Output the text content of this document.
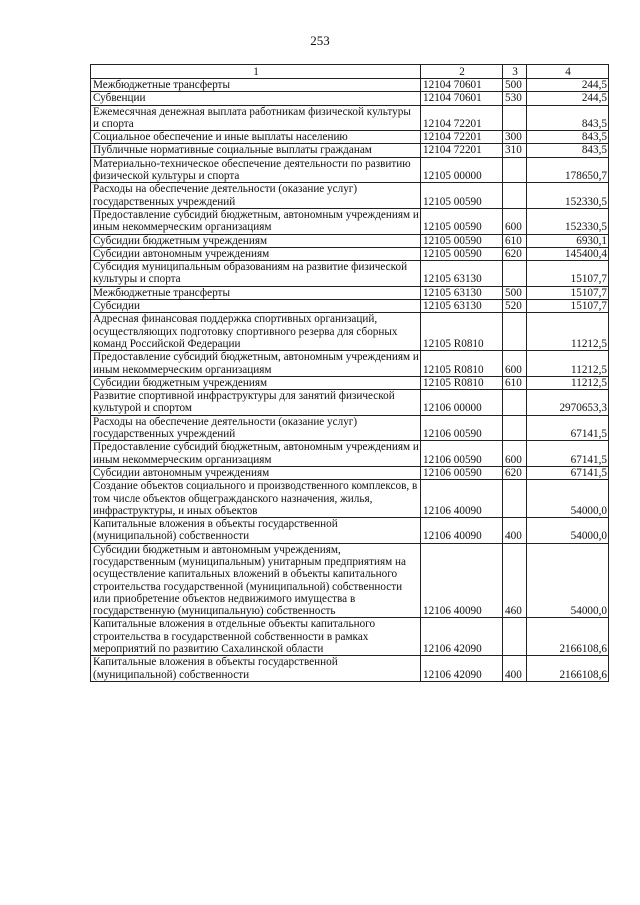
253
1	2	3	4
Межбюджетные трансферты	12104 70601	500	244,5
Субвенции	12104 70601	530	244,5
Ежемесячная денежная выплата работникам физической культуры и спорта	12104 72201		843,5
Социальное обеспечение и иные выплаты населению	12104 72201	300	843,5
Публичные нормативные социальные выплаты гражданам	12104 72201	310	843,5
Материально-техническое обеспечение деятельности по развитию физической культуры и спорта	12105 00000		178650,7
Расходы на обеспечение деятельности (оказание услуг) государственных учреждений	12105 00590		152330,5
Предоставление субсидий бюджетным, автономным учреждениям и иным некоммерческим организациям	12105 00590	600	152330,5
Субсидии бюджетным учреждениям	12105 00590	610	6930,1
Субсидии автономным учреждениям	12105 00590	620	145400,4
Субсидия муниципальным образованиям на развитие физической культуры и спорта	12105 63130		15107,7
Межбюджетные трансферты	12105 63130	500	15107,7
Субсидии	12105 63130	520	15107,7
Адресная финансовая поддержка спортивных организаций, осуществляющих подготовку спортивного резерва для сборных команд Российской Федерации	12105 R0810		11212,5
Предоставление субсидий бюджетным, автономным учреждениям и иным некоммерческим организациям	12105 R0810	600	11212,5
Субсидии бюджетным учреждениям	12105 R0810	610	11212,5
Развитие спортивной инфраструктуры для занятий физической культурой и спортом	12106 00000		2970653,3
Расходы на обеспечение деятельности (оказание услуг) государственных учреждений	12106 00590		67141,5
Предоставление субсидий бюджетным, автономным учреждениям и иным некоммерческим организациям	12106 00590	600	67141,5
Субсидии автономным учреждениям	12106 00590	620	67141,5
Создание объектов социального и производственного комплексов, в том числе объектов общегражданского назначения, жилья, инфраструктуры, и иных объектов	12106 40090		54000,0
Капитальные вложения в объекты государственной (муниципальной) собственности	12106 40090	400	54000,0
Субсидии бюджетным и автономным учреждениям, государственным (муниципальным) унитарным предприятиям на осуществление капитальных вложений в объекты капитального строительства государственной (муниципальной) собственности или приобретение объектов недвижимого имущества в государственную (муниципальную) собственность	12106 40090	460	54000,0
Капитальные вложения в отдельные объекты капитального строительства в государственной собственности в рамках мероприятий по развитию Сахалинской области	12106 42090		2166108,6
Капитальные вложения в объекты государственной (муниципальной) собственности	12106 42090	400	2166108,6
